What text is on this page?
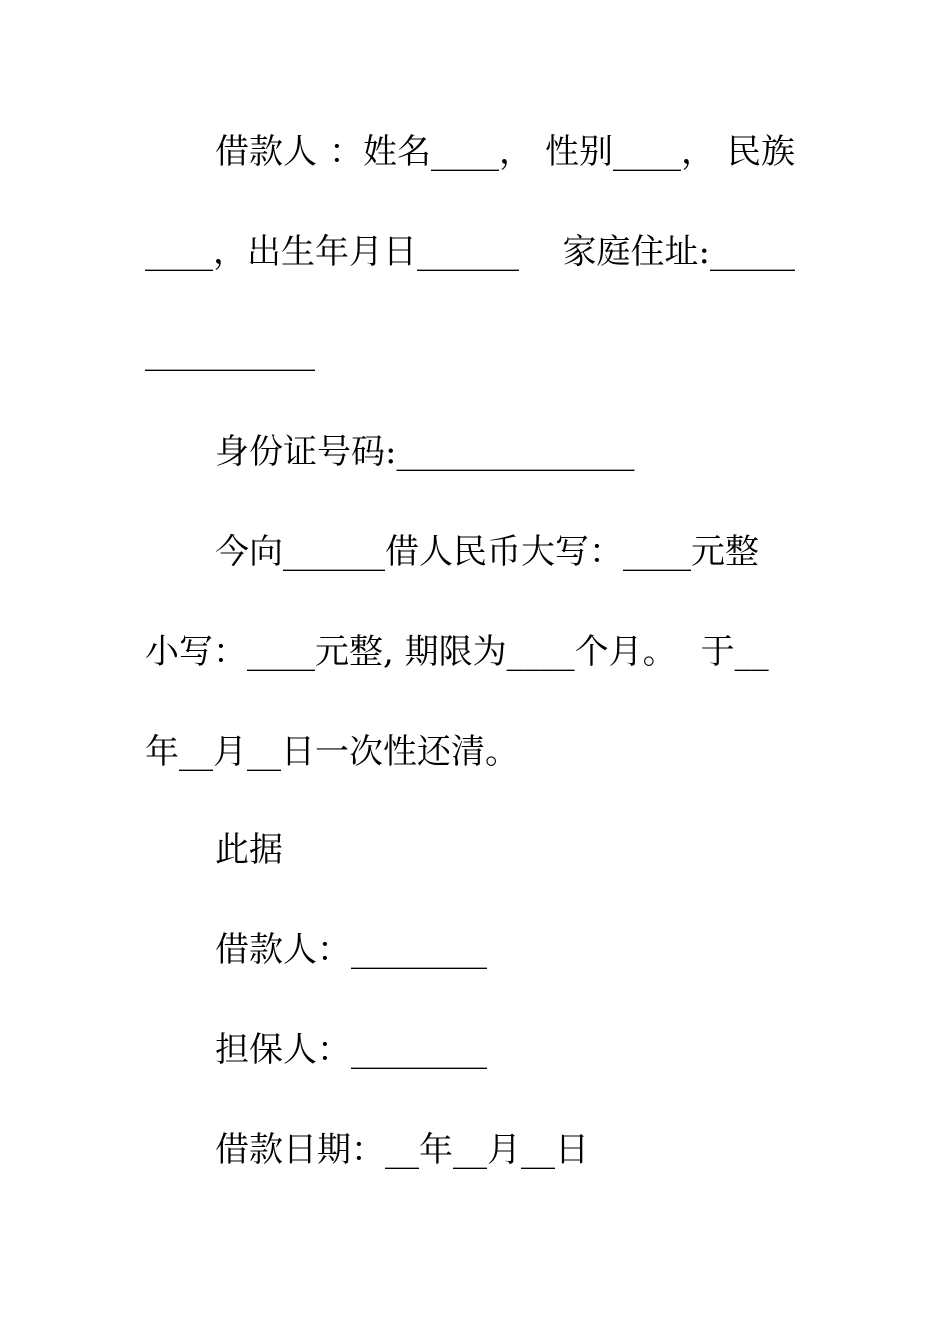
借款人 ：姓名____， 性别____， 民族
____，出生年月日______ 家庭住址:_____
__________
身份证号码:______________
今向______借人民币大写：____元整
小写：____元整, 期限为____个月。 于__
年__月__日一次性还清。
此据
借款人：________
担保人：________
借款日期：__年__月__日
